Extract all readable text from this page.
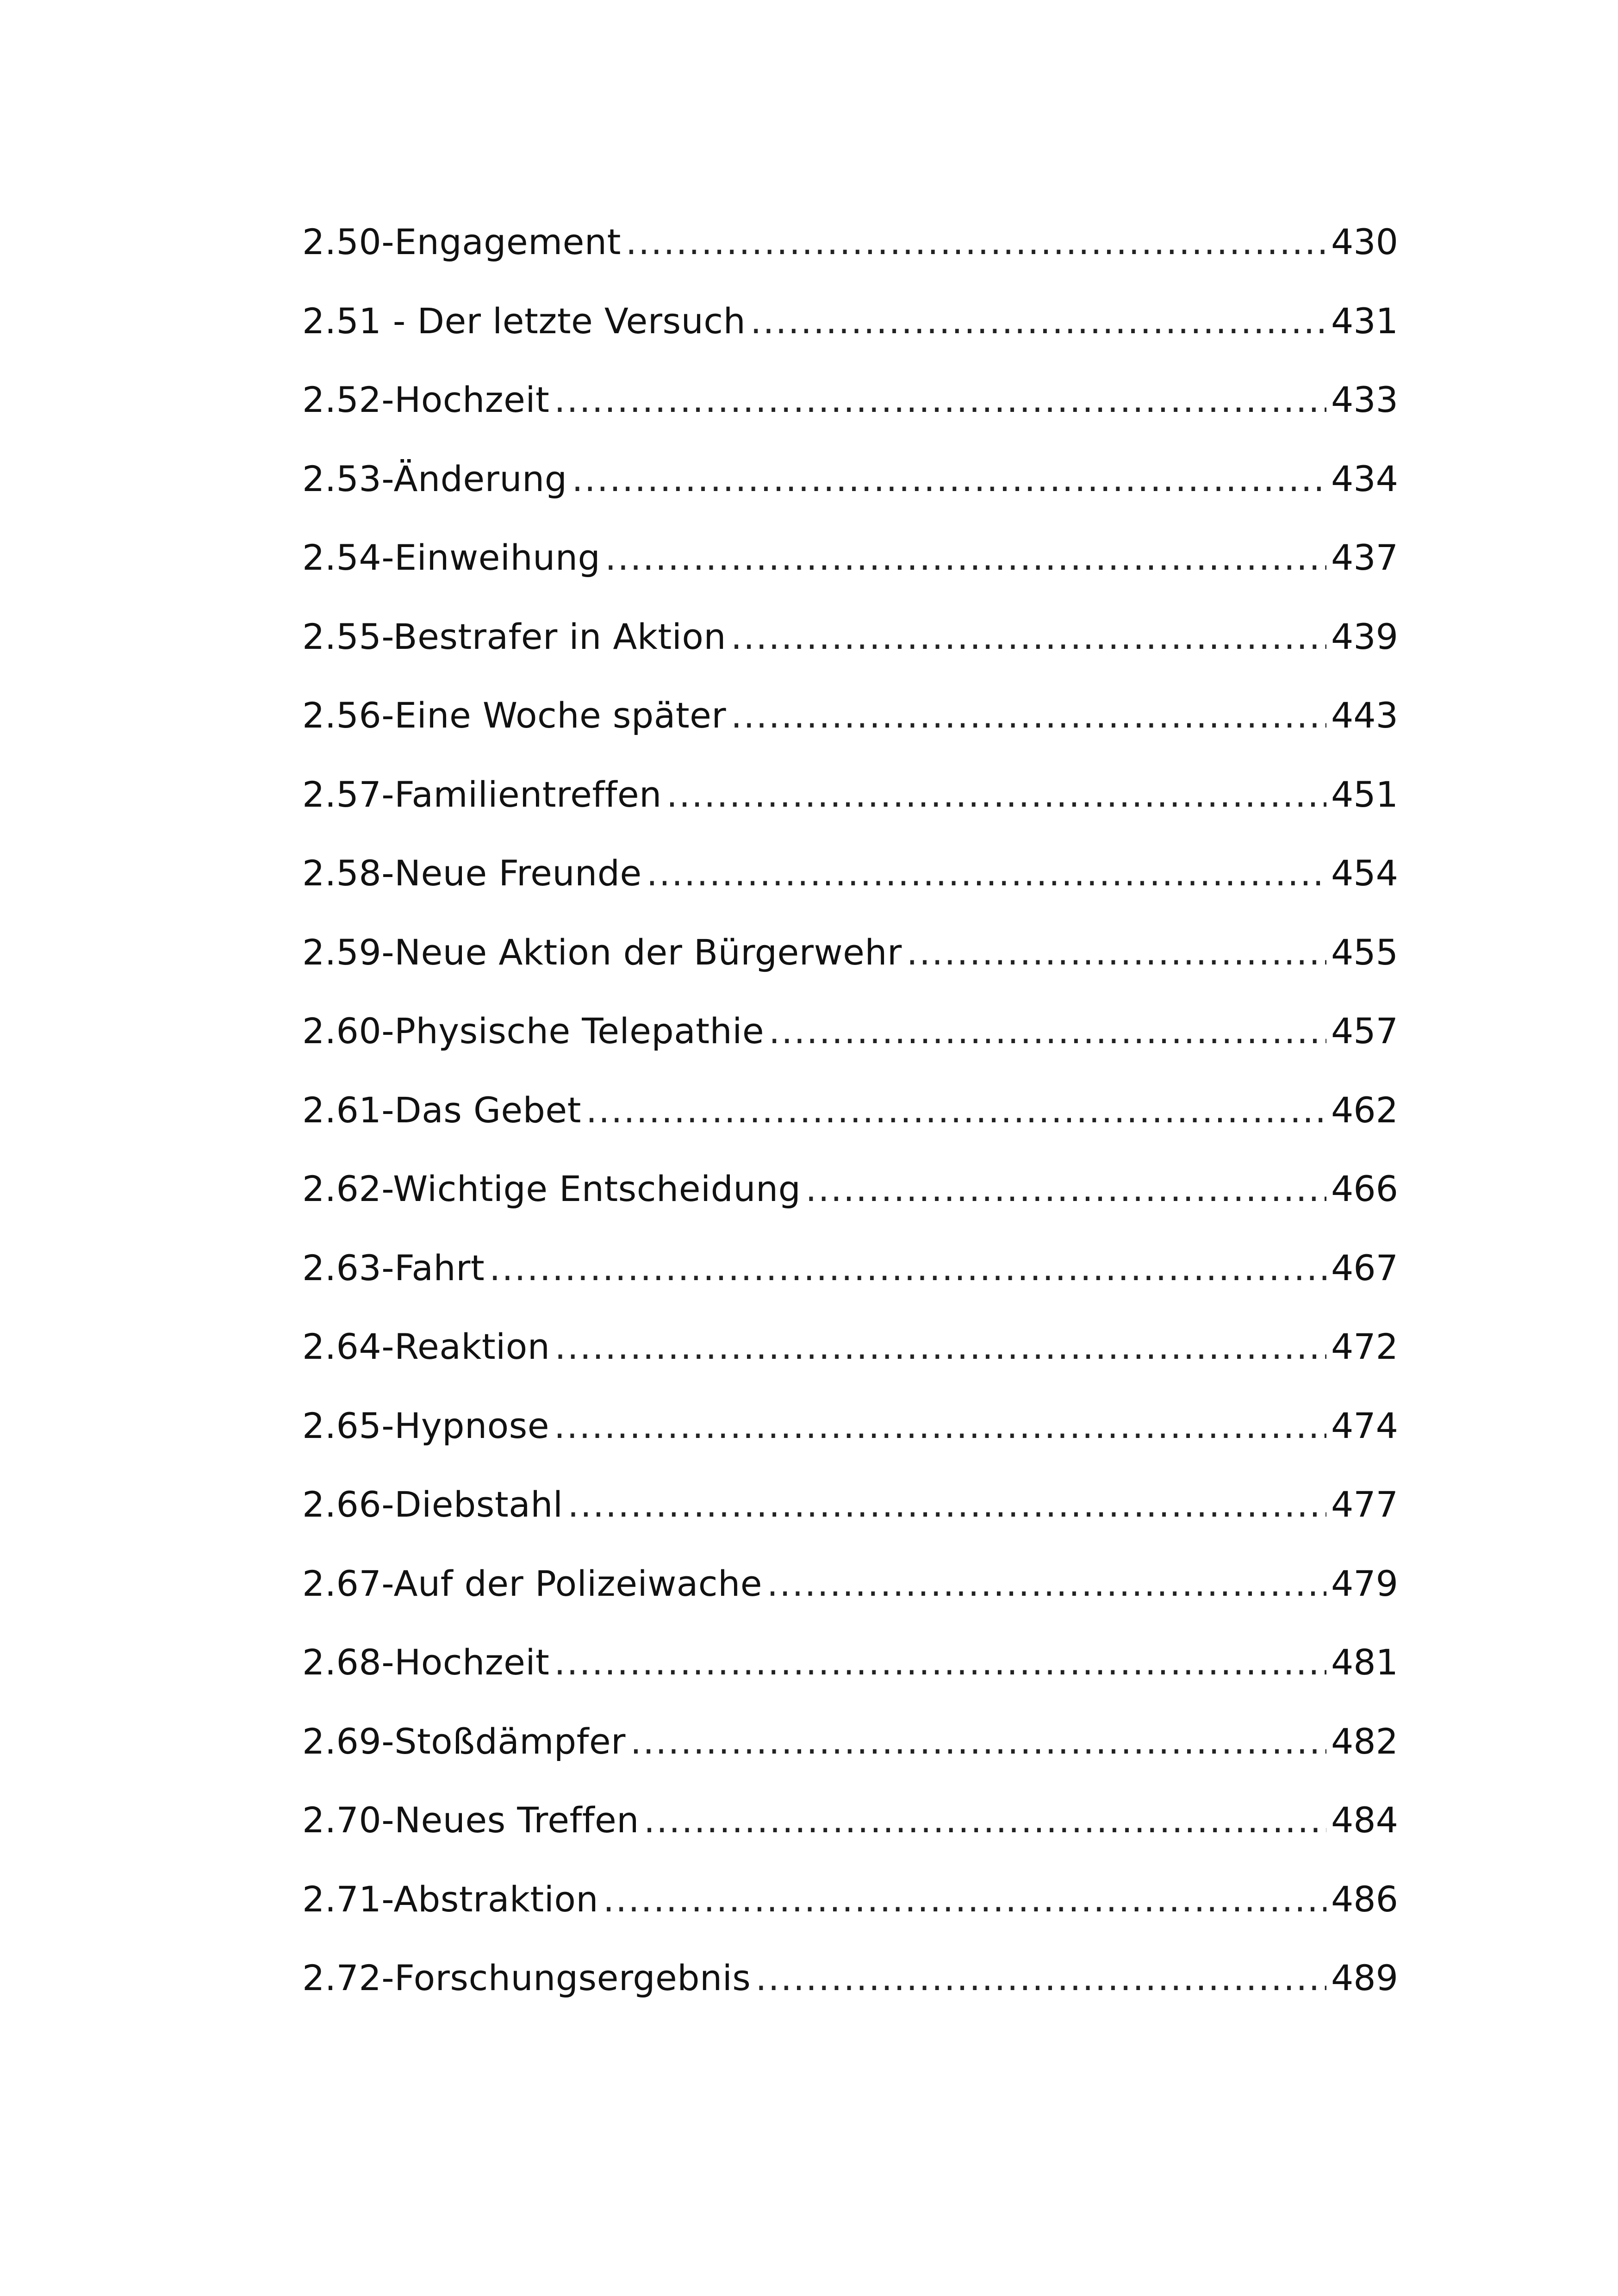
2.50-Engagement .....	430
2.51 - Der letzte Versuch .....	431
2.52-Hochzeit .....	433
2.53-Änderung .....	434
2.54-Einweihung .....	437
2.55-Bestrafer in Aktion .....	439
2.56-Eine Woche später .....	443
2.57-Familientreffen .....	451
2.58-Neue Freunde .....	454
2.59-Neue Aktion der Bürgerwehr .....	455
2.60-Physische Telepathie .....	457
2.61-Das Gebet .....	462
2.62-Wichtige Entscheidung .....	466
2.63-Fahrt .....	467
2.64-Reaktion .....	472
2.65-Hypnose .....	474
2.66-Diebstahl .....	477
2.67-Auf der Polizeiwache .....	479
2.68-Hochzeit .....	481
2.69-Stoßdämpfer .....	482
2.70-Neues Treffen .....	484
2.71-Abstraktion .....	486
2.72-Forschungsergebnis .....	489
